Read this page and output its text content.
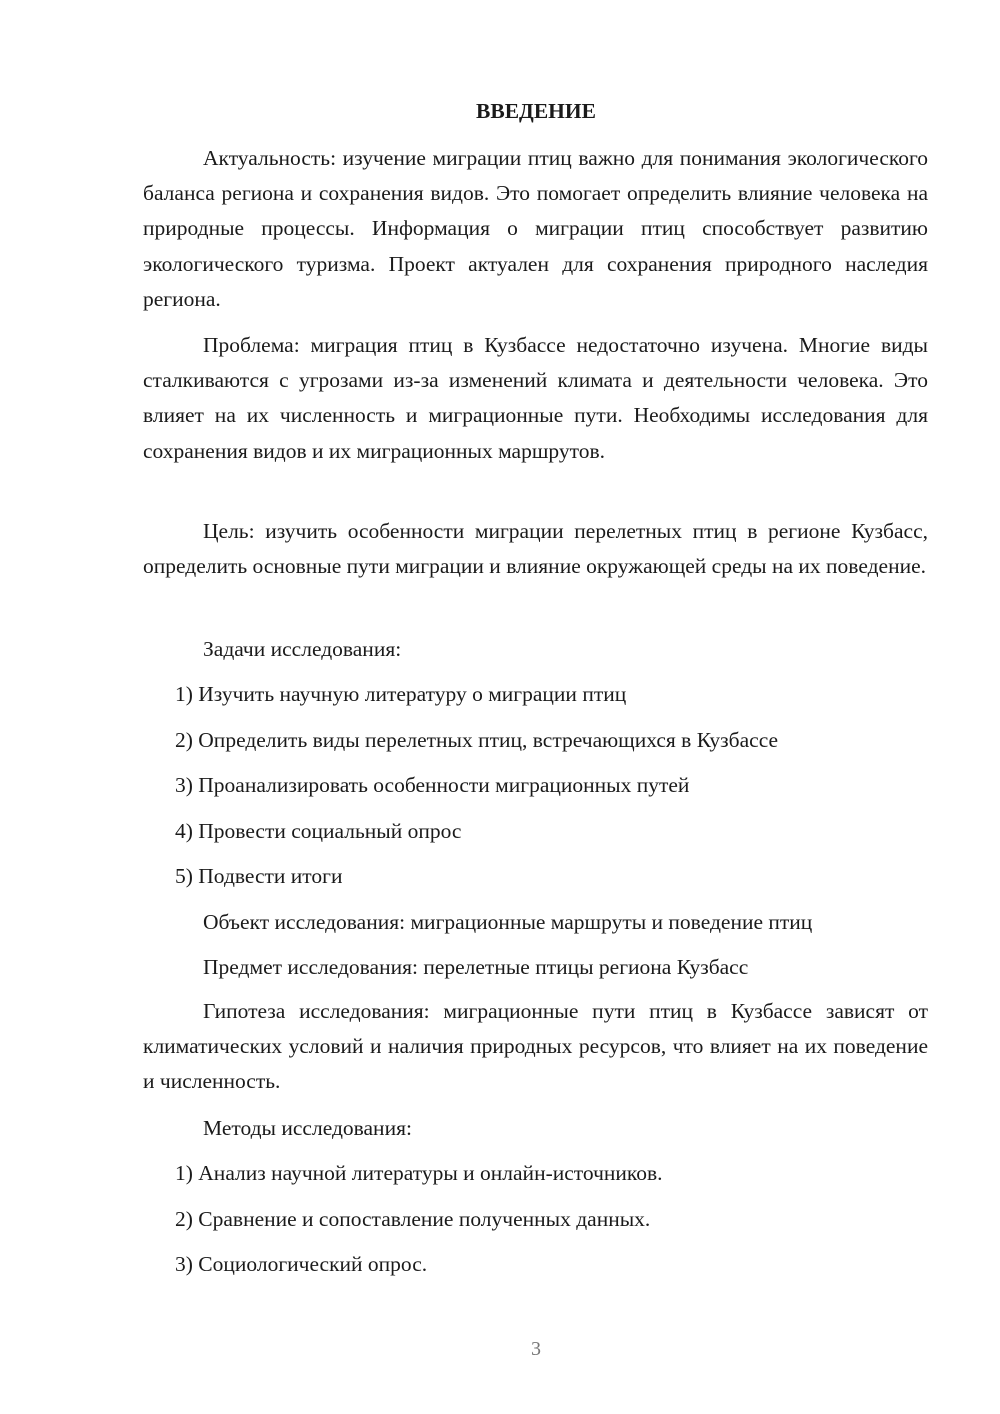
ВВЕДЕНИЕ

Актуальность: изучение миграции птиц важно для понимания экологического баланса региона и сохранения видов. Это помогает определить влияние человека на природные процессы. Информация о миграции птиц способствует развитию экологического туризма. Проект актуален для сохранения природного наследия региона.

Проблема: миграция птиц в Кузбассе недостаточно изучена. Многие виды сталкиваются с угрозами из-за изменений климата и деятельности человека. Это влияет на их численность и миграционные пути. Необходимы исследования для сохранения видов и их миграционных маршрутов.

Цель: изучить особенности миграции перелетных птиц в регионе Кузбасс, определить основные пути миграции и влияние окружающей среды на их поведение.

Задачи исследования:

1) Изучить научную литературу о миграции птиц

2) Определить виды перелетных птиц, встречающихся в Кузбассе

3) Проанализировать особенности миграционных путей

4) Провести социальный опрос

5) Подвести итоги

Объект исследования: миграционные маршруты и поведение птиц

Предмет исследования: перелетные птицы региона Кузбасс

Гипотеза исследования: миграционные пути птиц в Кузбассе зависят от климатических условий и наличия природных ресурсов, что влияет на их поведение и численность.

Методы исследования:

1) Анализ научной литературы и онлайн-источников.

2) Сравнение и сопоставление полученных данных.

3) Социологический опрос.

3
